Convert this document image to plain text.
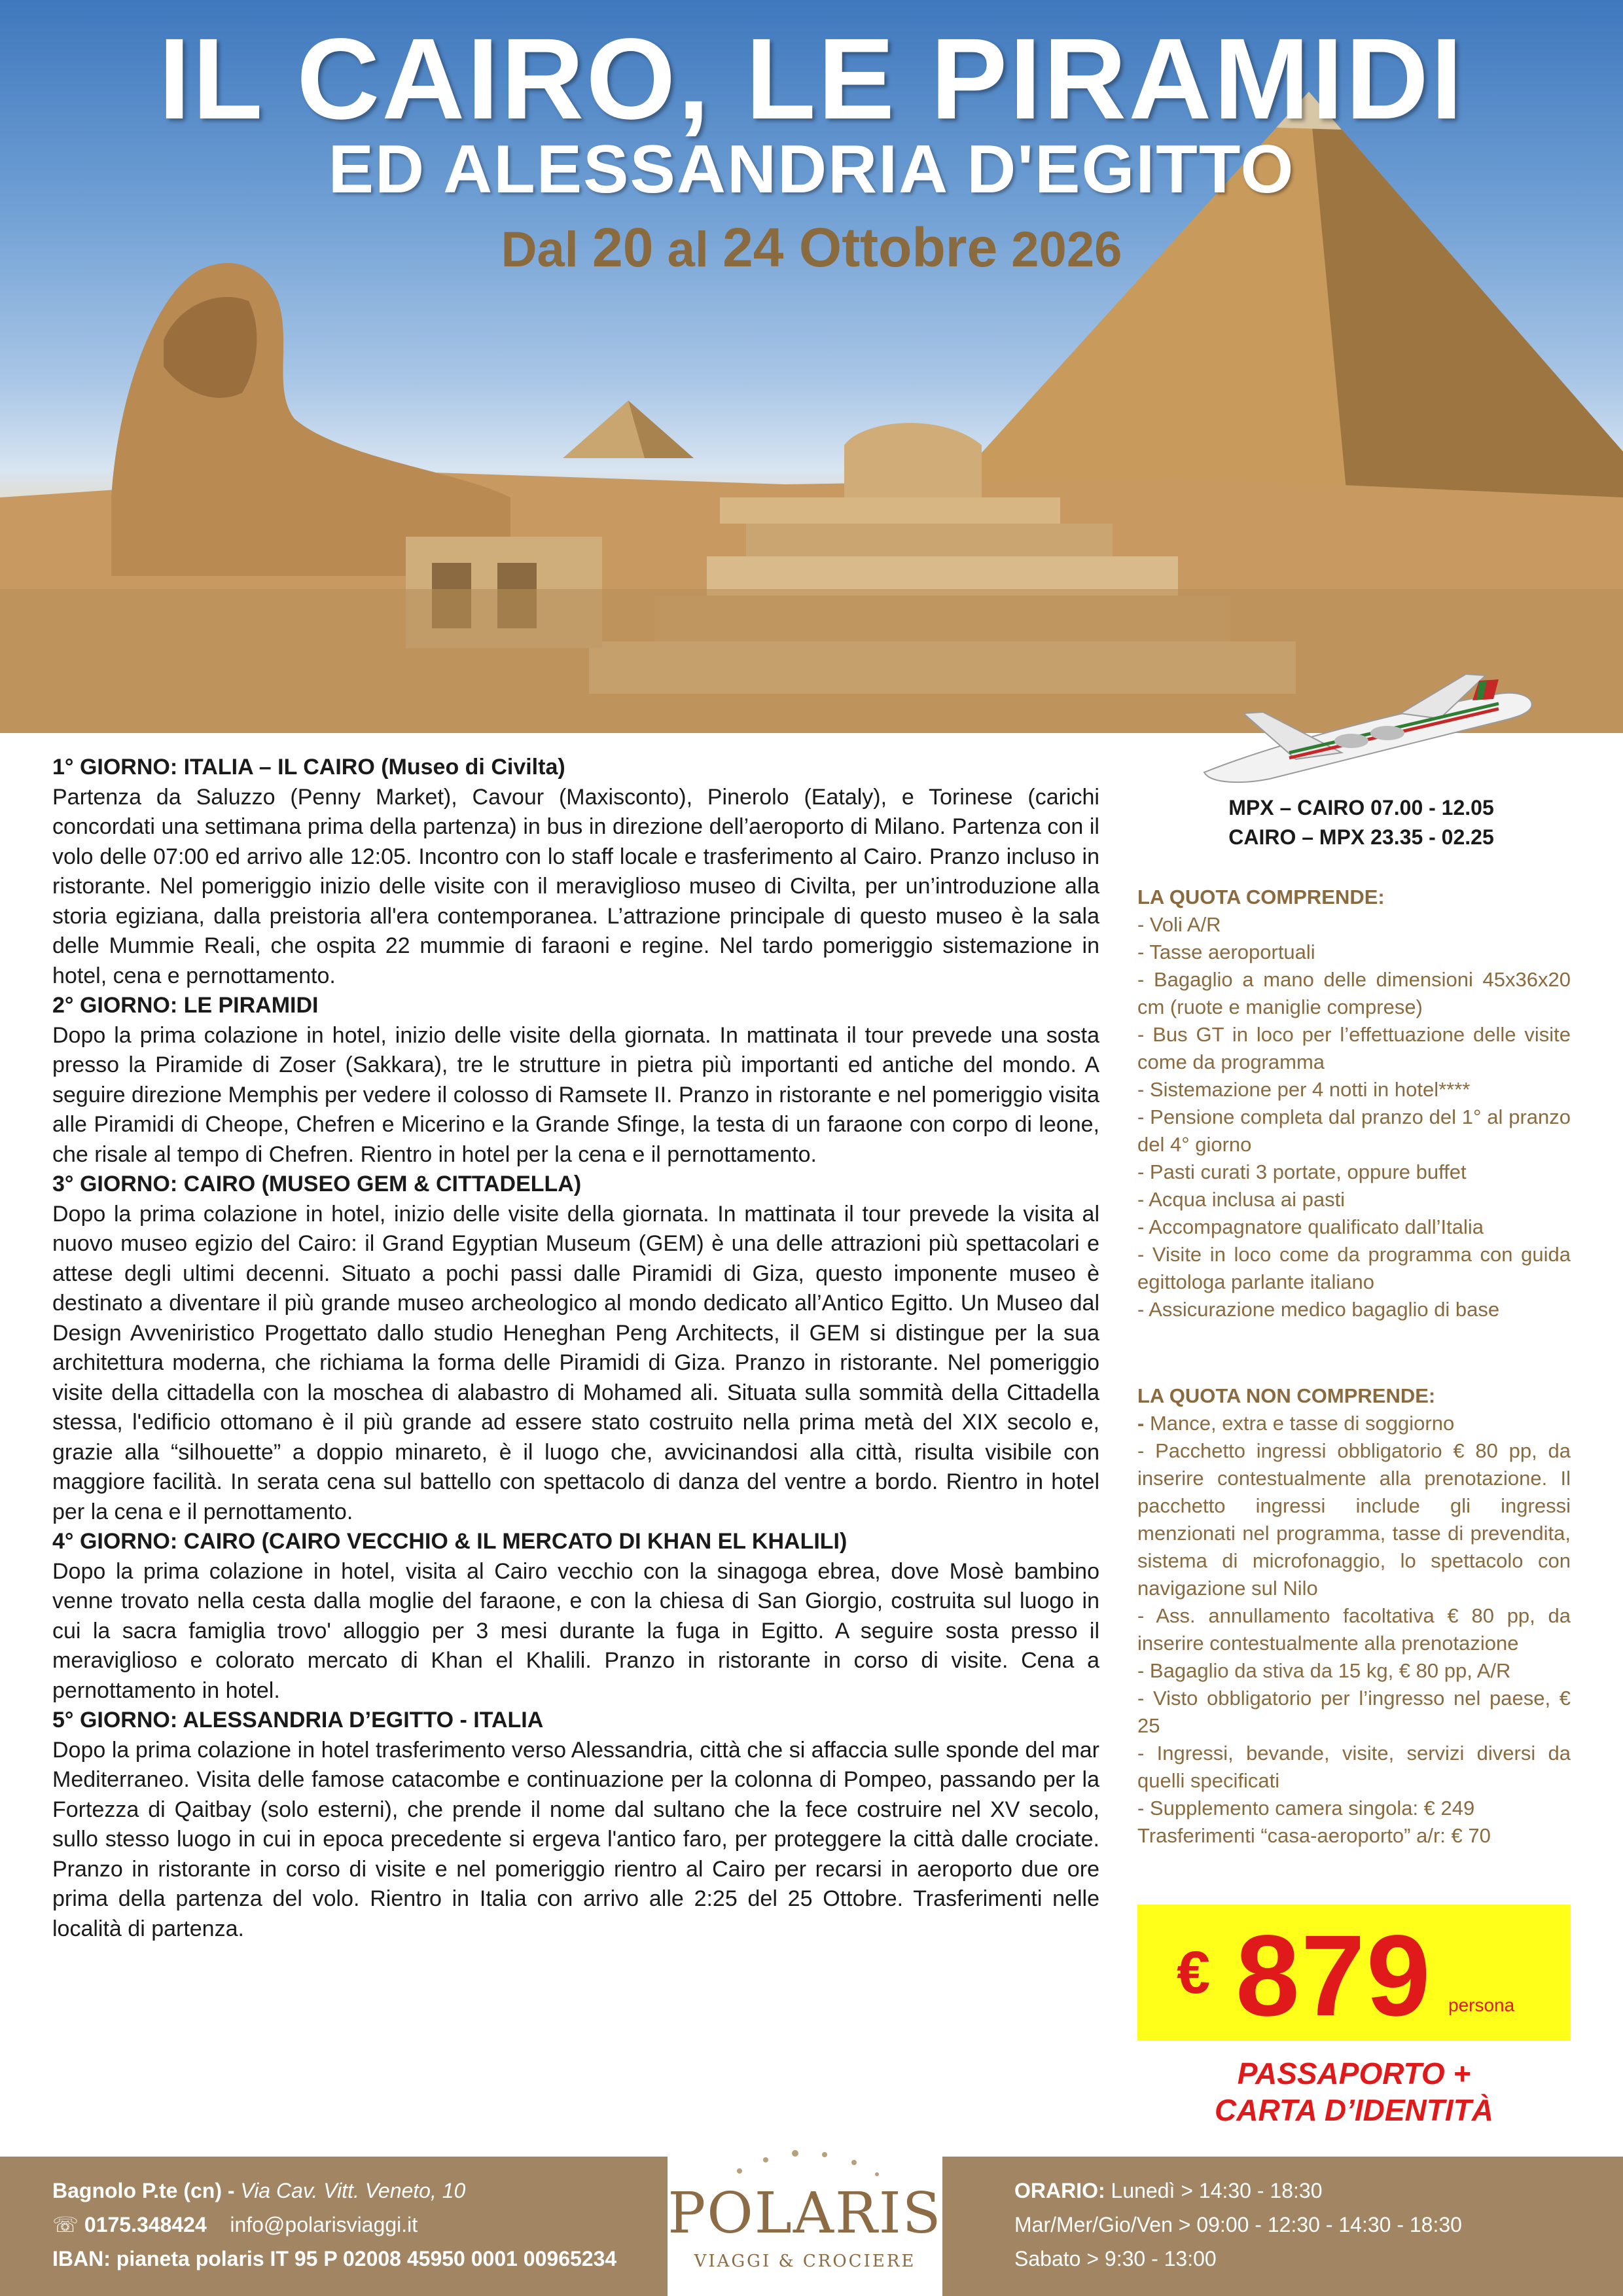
IL CAIRO, LE PIRAMIDI
ED ALESSANDRIA D'EGITTO
Dal 20 al 24 Ottobre 2026
1° GIORNO: ITALIA – IL CAIRO (Museo di Civilta)
Partenza da Saluzzo (Penny Market), Cavour (Maxisconto), Pinerolo (Eataly), e Torinese (carichi concordati una settimana prima della partenza) in bus in direzione dell’aeroporto di Milano. Partenza con il volo delle 07:00 ed arrivo alle 12:05. Incontro con lo staff locale e trasferimento al Cairo. Pranzo incluso in ristorante. Nel pomeriggio inizio delle visite con il meraviglioso museo di Civilta, per un’introduzione alla storia egiziana, dalla preistoria all'era contemporanea. L’attrazione principale di questo museo è la sala delle Mummie Reali, che ospita 22 mummie di faraoni e regine. Nel tardo pomeriggio sistemazione in hotel, cena e pernottamento.
2° GIORNO: LE PIRAMIDI
Dopo la prima colazione in hotel, inizio delle visite della giornata. In mattinata il tour prevede una sosta presso la Piramide di Zoser (Sakkara), tre le strutture in pietra più importanti ed antiche del mondo. A seguire direzione Memphis per vedere il colosso di Ramsete II. Pranzo in ristorante e nel pomeriggio visita alle Piramidi di Cheope, Chefren e Micerino e la Grande Sfinge, la testa di un faraone con corpo di leone, che risale al tempo di Chefren. Rientro in hotel per la cena e il pernottamento.
3° GIORNO: CAIRO (MUSEO GEM & CITTADELLA)
Dopo la prima colazione in hotel, inizio delle visite della giornata. In mattinata il tour prevede la visita al nuovo museo egizio del Cairo: il Grand Egyptian Museum (GEM) è una delle attrazioni più spettacolari e attese degli ultimi decenni. Situato a pochi passi dalle Piramidi di Giza, questo imponente museo è destinato a diventare il più grande museo archeologico al mondo dedicato all’Antico Egitto. Un Museo dal Design Avveniristico Progettato dallo studio Heneghan Peng Architects, il GEM si distingue per la sua architettura moderna, che richiama la forma delle Piramidi di Giza. Pranzo in ristorante. Nel pomeriggio visite della cittadella con la moschea di alabastro di Mohamed ali. Situata sulla sommità della Cittadella stessa, l'edificio ottomano è il più grande ad essere stato costruito nella prima metà del XIX secolo e, grazie alla “silhouette” a doppio minareto, è il luogo che, avvicinandosi alla città, risulta visibile con maggiore facilità. In serata cena sul battello con spettacolo di danza del ventre a bordo. Rientro in hotel per la cena e il pernottamento.
4° GIORNO: CAIRO (CAIRO VECCHIO & IL MERCATO DI KHAN EL KHALILI)
Dopo la prima colazione in hotel, visita al Cairo vecchio con la sinagoga ebrea, dove Mosè bambino venne trovato nella cesta dalla moglie del faraone, e con la chiesa di San Giorgio, costruita sul luogo in cui la sacra famiglia trovo' alloggio per 3 mesi durante la fuga in Egitto. A seguire sosta presso il meraviglioso e colorato mercato di Khan el Khalili. Pranzo in ristorante in corso di visite. Cena a pernottamento in hotel.
5° GIORNO: ALESSANDRIA D’EGITTO - ITALIA
Dopo la prima colazione in hotel trasferimento verso Alessandria, città che si affaccia sulle sponde del mar Mediterraneo. Visita delle famose catacombe e continuazione per la colonna di Pompeo, passando per la Fortezza di Qaitbay (solo esterni), che prende il nome dal sultano che la fece costruire nel XV secolo, sullo stesso luogo in cui in epoca precedente si ergeva l'antico faro, per proteggere la città dalle crociate. Pranzo in ristorante in corso di visite e nel pomeriggio rientro al Cairo per recarsi in aeroporto due ore prima della partenza del volo. Rientro in Italia con arrivo alle 2:25 del 25 Ottobre. Trasferimenti nelle località di partenza.
MPX – CAIRO 07.00 - 12.05
CAIRO – MPX 23.35 - 02.25
LA QUOTA COMPRENDE:
- Voli A/R
- Tasse aeroportuali
- Bagaglio a mano delle dimensioni 45x36x20 cm (ruote e maniglie comprese)
- Bus GT in loco per l’effettuazione delle visite come da programma
- Sistemazione per 4 notti in hotel****
- Pensione completa dal pranzo del 1° al pranzo del 4° giorno
- Pasti curati 3 portate, oppure buffet
- Acqua inclusa ai pasti
- Accompagnatore qualificato dall’Italia
- Visite in loco come da programma con guida egittologa parlante italiano
- Assicurazione medico bagaglio di base
LA QUOTA NON COMPRENDE:
- Mance, extra e tasse di soggiorno
- Pacchetto ingressi obbligatorio € 80 pp, da inserire contestualmente alla prenotazione. Il pacchetto ingressi include gli ingressi menzionati nel programma, tasse di prevendita, sistema di microfonaggio, lo spettacolo con navigazione sul Nilo
- Ass. annullamento facoltativa € 80 pp, da inserire contestualmente alla prenotazione
- Bagaglio da stiva da 15 kg, € 80 pp, A/R
- Visto obbligatorio per l’ingresso nel paese, € 25
- Ingressi, bevande, visite, servizi diversi da quelli specificati
- Supplemento camera singola: € 249
Trasferimenti “casa-aeroporto” a/r: € 70
€ 879 persona
PASSAPORTO +
CARTA D’IDENTITÀ
Bagnolo P.te (cn) - Via Cav. Vitt. Veneto, 10
☏ 0175.348424 info@polarisviaggi.it
IBAN: pianeta polaris IT 95 P 02008 45950 0001 00965234
ORARIO: Lunedì > 14:30 - 18:30
Mar/Mer/Gio/Ven > 09:00 - 12:30 - 14:30 - 18:30
Sabato > 9:30 - 13:00
POLARIS
VIAGGI & CROCIERE
